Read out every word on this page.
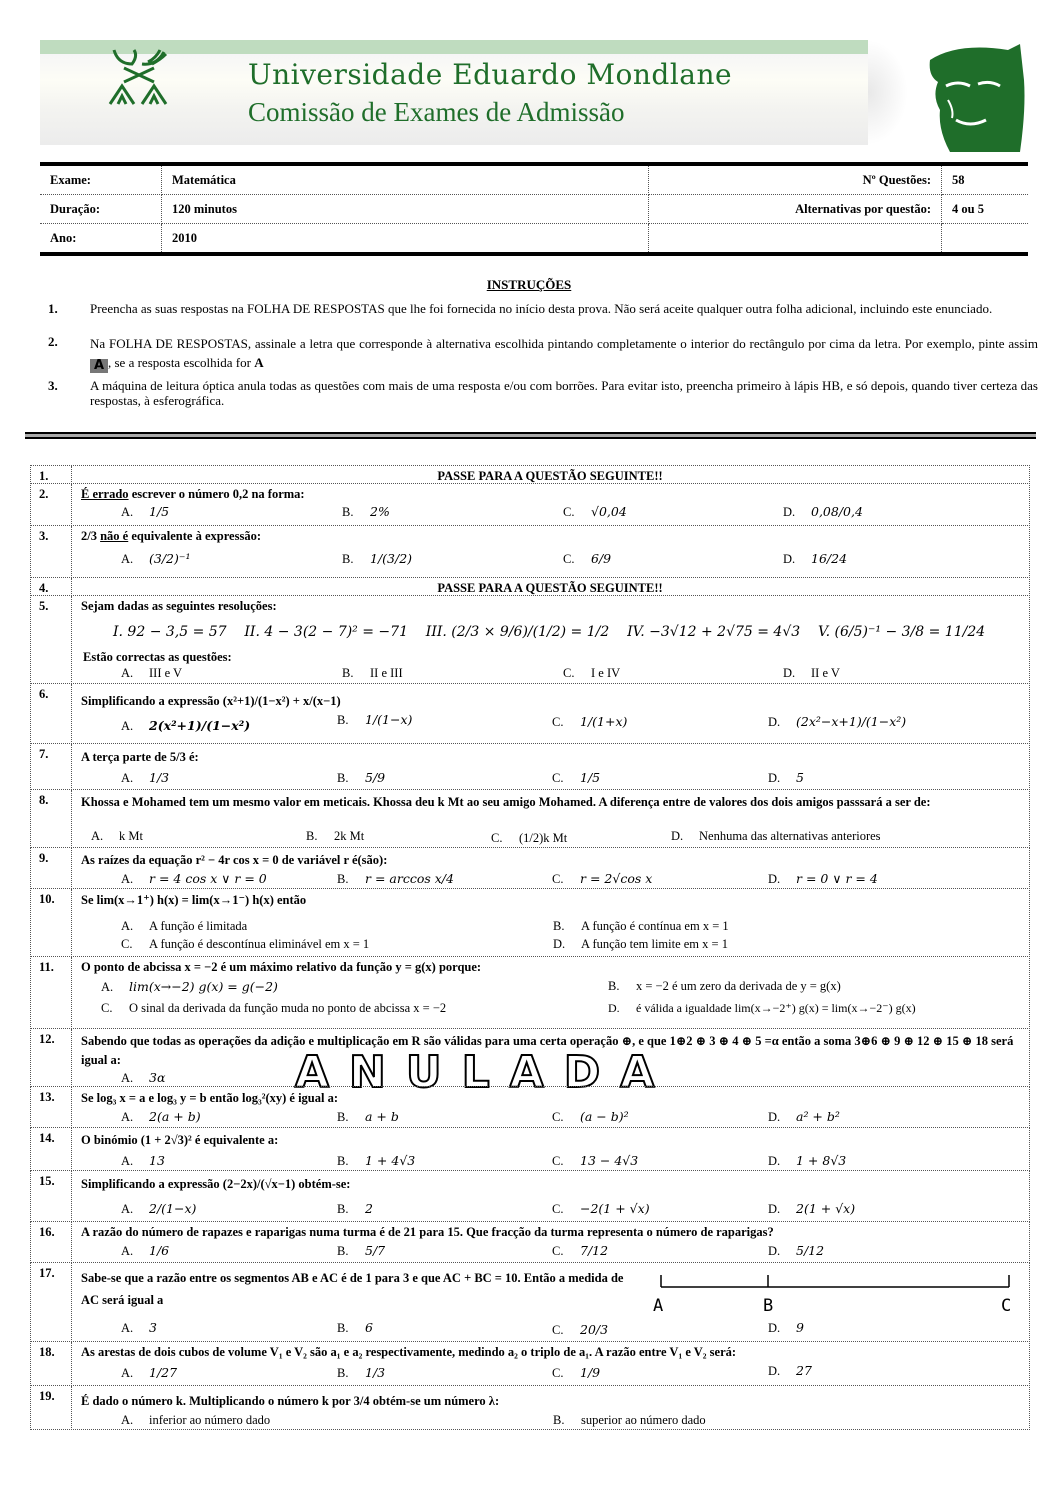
Universidade Eduardo Mondlane
Comissão de Exames de Admissão
Exame:	Matemática	Nº Questões:	58
Duração:	120 minutos	Alternativas por questão:	4 ou 5
Ano:	2010		
INSTRUÇÕES
1. Preencha as suas respostas na FOLHA DE RESPOSTAS que lhe foi fornecida no início desta prova. Não será aceite qualquer outra folha adicional, incluindo este enunciado.
2. Na FOLHA DE RESPOSTAS, assinale a letra que corresponde à alternativa escolhida pintando completamente o interior do rectângulo por cima da letra. Por exemplo, pinte assim A , se a resposta escolhida for A
3. A máquina de leitura óptica anula todas as questões com mais de uma resposta e/ou com borrões. Para evitar isto, preencha primeiro à lápis HB, e só depois, quando tiver certeza das respostas, à esferográfica.
1.	PASSE PARA A QUESTÃO SEGUINTE!!
2.	É errado escrever o número 0,2 na forma:
A. 1/5	B. 2%	C. √0,04	D. 0,08/0,4
3.	2/3 não é equivalente à expressão:
A. (3/2)⁻¹	B. 1/(3/2)	C. 6/9	D. 16/24
4.	PASSE PARA A QUESTÃO SEGUINTE!!
5.	Sejam dadas as seguintes resoluções:
I. 92 − 3,5 = 57 II. 4 − 3(2 − 7)² = −71 III. (2/3 × 9/6)/(1/2) = 1/2 IV. −3√12 + 2√75 = 4√3 V. (6/5)⁻¹ − 3/8 = 11/24
Estão correctas as questões:
A. III e V	B. II e III	C. I e IV	D. II e V
6.	Simplificando a expressão (x²+1)/(1−x²) + x/(x−1)
A. 2(x²+1)/(1−x²)	B. 1/(1−x)	C. 1/(1+x)	D. (2x²−x+1)/(1−x²)
7.	A terça parte de 5/3 é:
A. 1/3	B. 5/9	C. 1/5	D. 5
8.	Khossa e Mohamed tem um mesmo valor em meticais. Khossa deu k Mt ao seu amigo Mohamed. A diferença entre de valores dos dois amigos passsará a ser de:
A. k Mt	B. 2k Mt	C. (1/2)k Mt	D. Nenhuma das alternativas anteriores
9.	As raízes da equação r² − 4r cos x = 0 de variável r é(são):
A. r = 4 cos x ∨ r = 0	B. r = arccos x/4	C. r = 2√cos x	D. r = 0 ∨ r = 4
10. Se lim(x→1⁺) h(x) = lim(x→1⁻) h(x) então
A. A função é limitada	B. A função é contínua em x = 1
C. A função é descontínua eliminável em x = 1	D. A função tem limite em x = 1
11. O ponto de abcissa x = −2 é um máximo relativo da função y = g(x) porque:
A. lim(x→−2) g(x) = g(−2)	B. x = −2 é um zero da derivada de y = g(x)
C. O sinal da derivada da função muda no ponto de abcissa x = −2	D. é válida a igualdade lim(x→−2⁺) g(x) = lim(x→−2⁻) g(x)
12. Sabendo que todas as operações da adição e multiplicação em R são válidas para uma certa operação ⊕, e que 1⊕2 ⊕ 3 ⊕ 4 ⊕ 5 =α então a soma 3⊕6 ⊕ 9 ⊕ 12 ⊕ 15 ⊕ 18 será igual a:
A. 3α	ANULADA
13. Se log₃ x = a e log₃ y = b então log₃²(xy) é igual a:
A. 2(a + b)	B. a + b	C. (a − b)²	D. a² + b²
14. O binómio (1 + 2√3)² é equivalente a:
A. 13	B. 1 + 4√3	C. 13 − 4√3	D. 1 + 8√3
15. Simplificando a expressão (2−2x)/(√x−1) obtém-se:
A. 2/(1−x)	B. 2	C. −2(1 + √x)	D. 2(1 + √x)
16. A razão do número de rapazes e raparigas numa turma é de 21 para 15. Que fracção da turma representa o número de raparigas?
A. 1/6	B. 5/7	C. 7/12	D. 5/12
17. Sabe-se que a razão entre os segmentos AB e AC é de 1 para 3 e que AC + BC = 10. Então a medida de AC será igual a	A	B	C
A. 3	B. 6	C. 20/3	D. 9
18. As arestas de dois cubos de volume V₁ e V₂ são a₁ e a₂ respectivamente, medindo a₂ o triplo de a₁. A razão entre V₁ e V₂ será:
A. 1/27	B. 1/3	C. 1/9	D. 27
19. É dado o número k. Multiplicando o número k por 3/4 obtém-se um número λ:
A. inferior ao número dado	B. superior ao número dado
